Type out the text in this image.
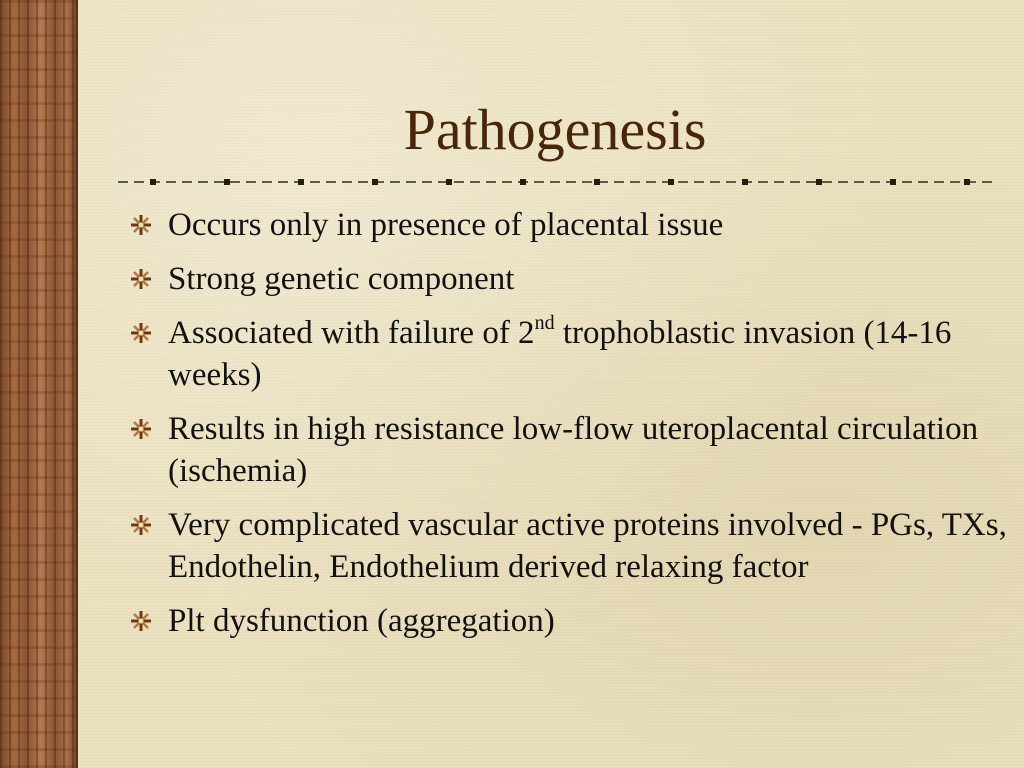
Pathogenesis
Occurs only in presence of placental issue
Strong genetic component
Associated with failure of 2nd trophoblastic invasion (14-16 weeks)
Results in high resistance low-flow uteroplacental circulation (ischemia)
Very complicated vascular active proteins involved - PGs, TXs, Endothelin, Endothelium derived relaxing factor
Plt dysfunction (aggregation)
